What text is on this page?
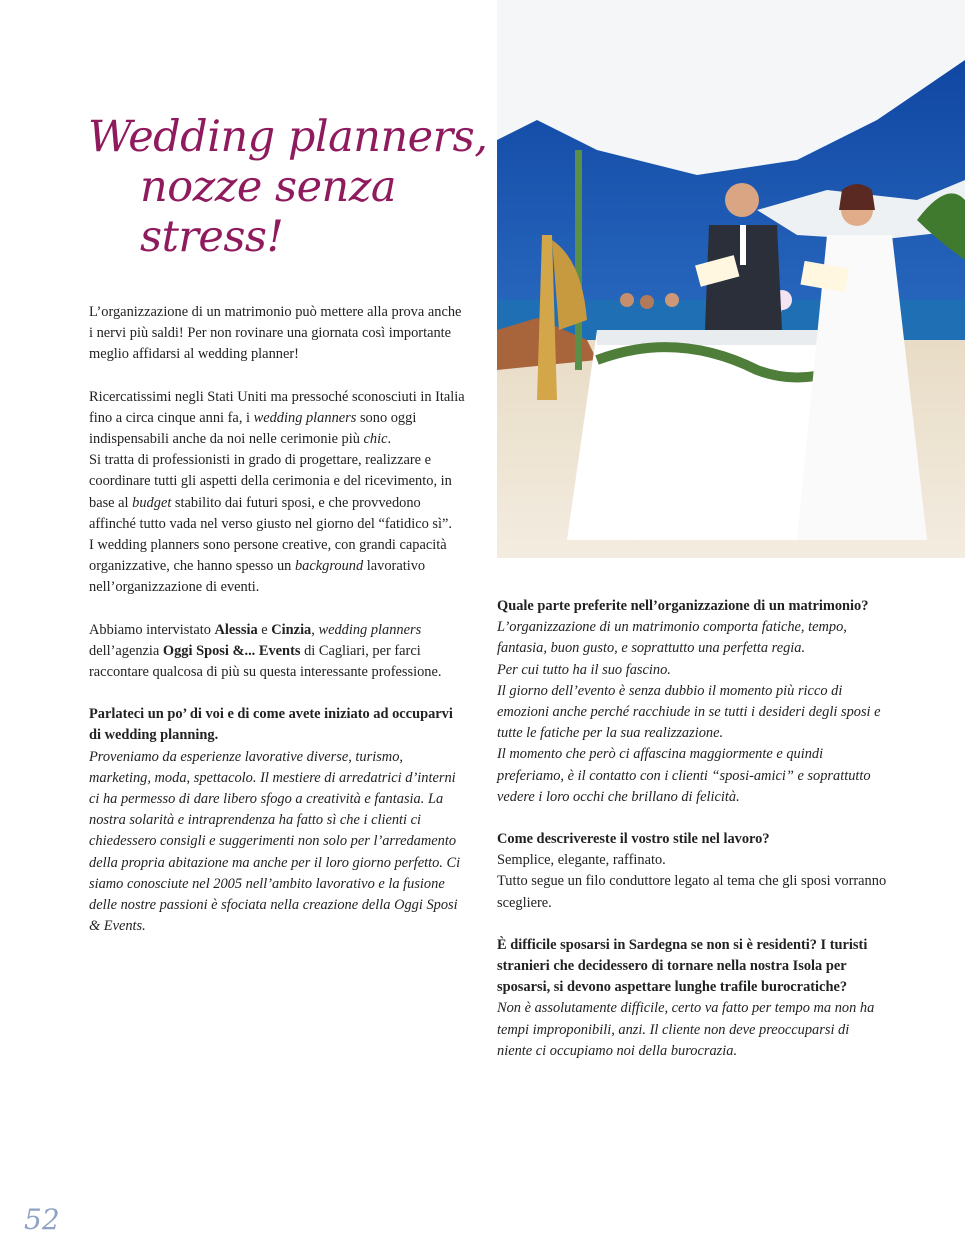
Wedding planners,
nozze senza stress!

L’organizzazione di un matrimonio può mettere alla prova anche i nervi più saldi! Per non rovinare una giornata così importante meglio affidarsi al wedding planner!

Ricercatissimi negli Stati Uniti ma pressoché sconosciuti in Italia fino a circa cinque anni fa, i wedding planners sono oggi indispensabili anche da noi nelle cerimonie più chic.
Si tratta di professionisti in grado di progettare, realizzare e coordinare tutti gli aspetti della cerimonia e del ricevimento, in base al budget stabilito dai futuri sposi, e che provvedono affinché tutto vada nel verso giusto nel giorno del “fatidico sì”.
I wedding planners sono persone creative, con grandi capacità organizzative, che hanno spesso un background lavorativo nell’organizzazione di eventi.

Abbiamo intervistato Alessia e Cinzia, wedding planners dell’agenzia Oggi Sposi &... Events di Cagliari, per farci raccontare qualcosa di più su questa interessante professione.

Parlateci un po’ di voi e di come avete iniziato ad occuparvi di wedding planning.
Proveniamo da esperienze lavorative diverse, turismo, marketing, moda, spettacolo. Il mestiere di arredatrici d’interni ci ha permesso di dare libero sfogo a creatività e fantasia. La nostra solarità e intraprendenza ha fatto sì che i clienti ci chiedessero consigli e suggerimenti non solo per l’arredamento della propria abitazione ma anche per il loro giorno perfetto. Ci siamo conosciute nel 2005 nell’ambito lavorativo e la fusione delle nostre passioni è sfociata nella creazione della Oggi Sposi & Events.

Quale parte preferite nell’organizzazione di un matrimonio?
L’organizzazione di un matrimonio comporta fatiche, tempo, fantasia, buon gusto, e soprattutto una perfetta regia.
Per cui tutto ha il suo fascino.
Il giorno dell’evento è senza dubbio il momento più ricco di emozioni anche perché racchiude in se tutti i desideri degli sposi e tutte le fatiche per la sua realizzazione.
Il momento che però ci affascina maggiormente e quindi preferiamo, è il contatto con i clienti “sposi-amici” e soprattutto vedere i loro occhi che brillano di felicità.

Come descrivereste il vostro stile nel lavoro?
Semplice, elegante, raffinato.
Tutto segue un filo conduttore legato al tema che gli sposi vorranno scegliere.

È difficile sposarsi in Sardegna se non si è residenti? I turisti stranieri che decidessero di tornare nella nostra Isola per sposarsi, si devono aspettare lunghe trafile burocratiche?
Non è assolutamente difficile, certo va fatto per tempo ma non ha tempi improponibili, anzi. Il cliente non deve preoccuparsi di niente ci occupiamo noi della burocrazia.

52
